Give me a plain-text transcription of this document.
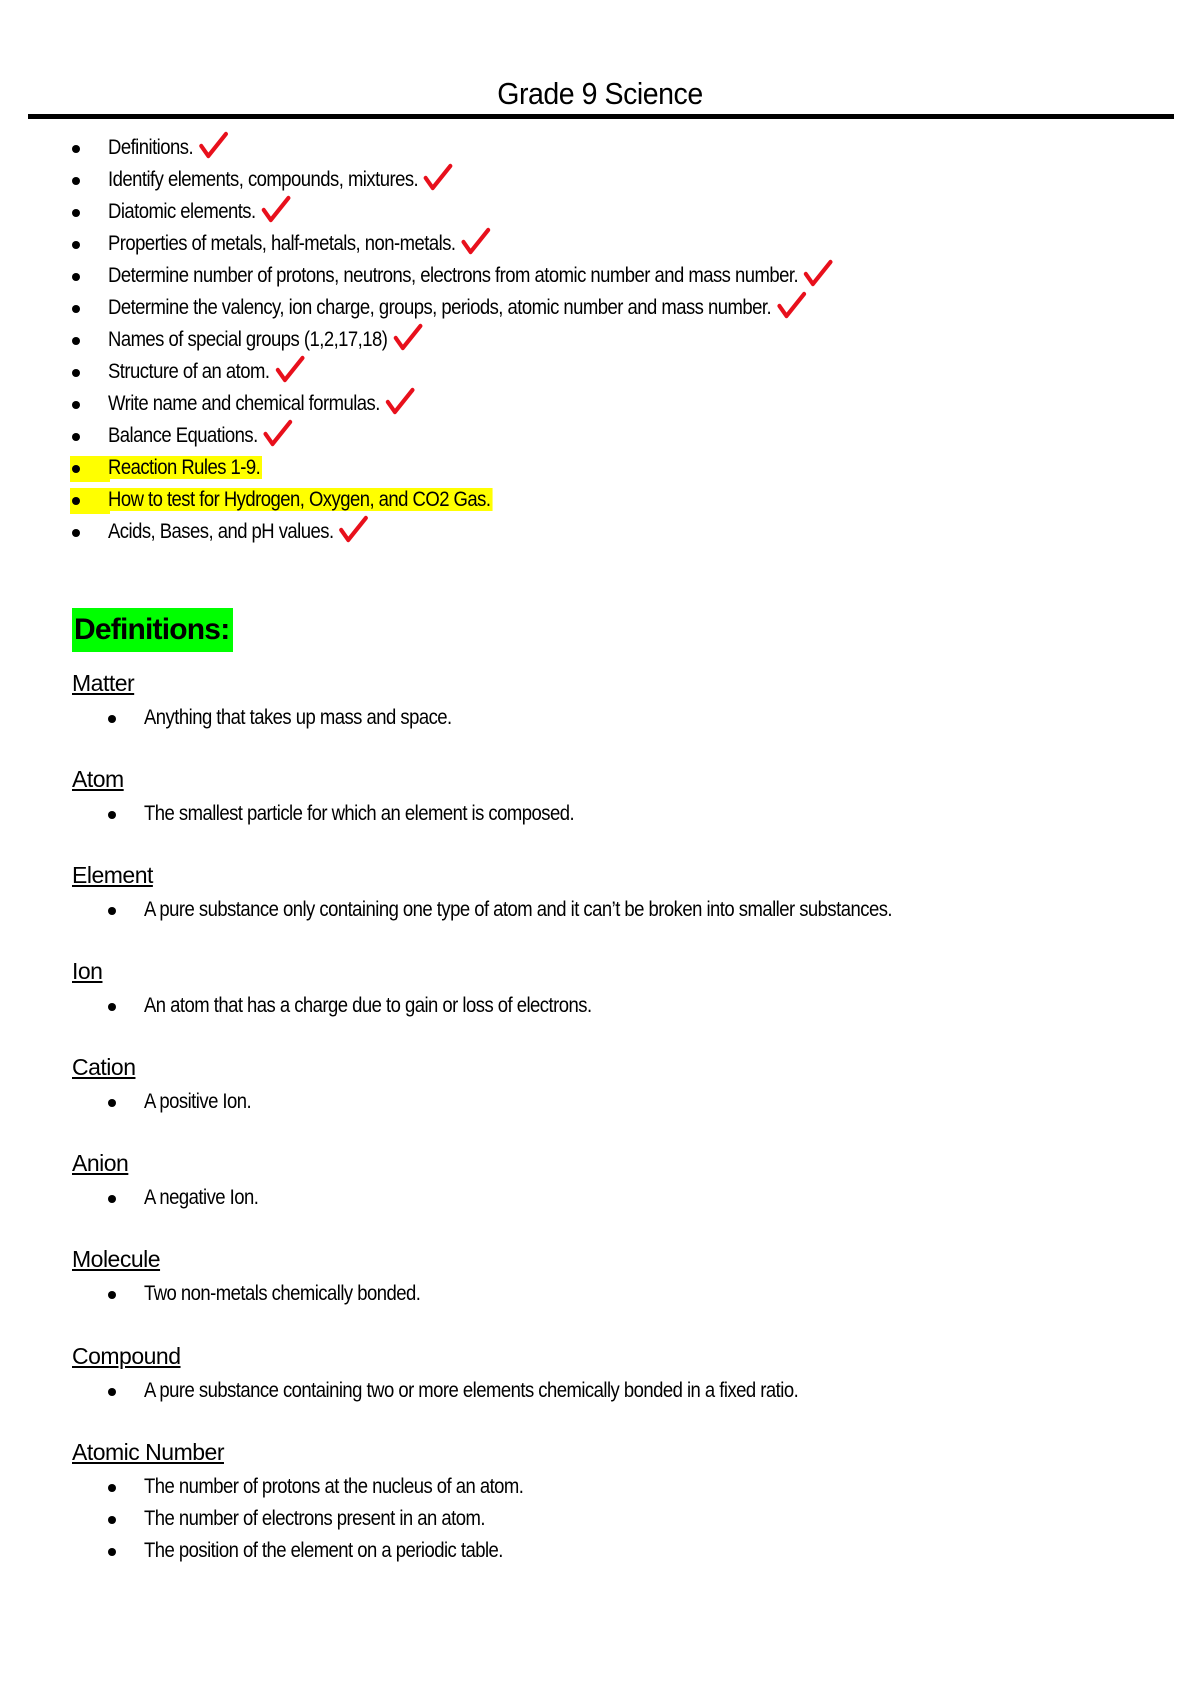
Grade 9 Science
Definitions.
Identify elements, compounds, mixtures.
Diatomic elements.
Properties of metals, half-metals, non-metals.
Determine number of protons, neutrons, electrons from atomic number and mass number.
Determine the valency, ion charge, groups, periods, atomic number and mass number.
Names of special groups (1,2,17,18)
Structure of an atom.
Write name and chemical formulas.
Balance Equations.
Reaction Rules 1-9.
How to test for Hydrogen, Oxygen, and CO2 Gas.
Acids, Bases, and pH values.
Definitions:
Matter
Anything that takes up mass and space.
Atom
The smallest particle for which an element is composed.
Element
A pure substance only containing one type of atom and it can’t be broken into smaller substances.
Ion
An atom that has a charge due to gain or loss of electrons.
Cation
A positive Ion.
Anion
A negative Ion.
Molecule
Two non-metals chemically bonded.
Compound
A pure substance containing two or more elements chemically bonded in a fixed ratio.
Atomic Number
The number of protons at the nucleus of an atom.
The number of electrons present in an atom.
The position of the element on a periodic table.
